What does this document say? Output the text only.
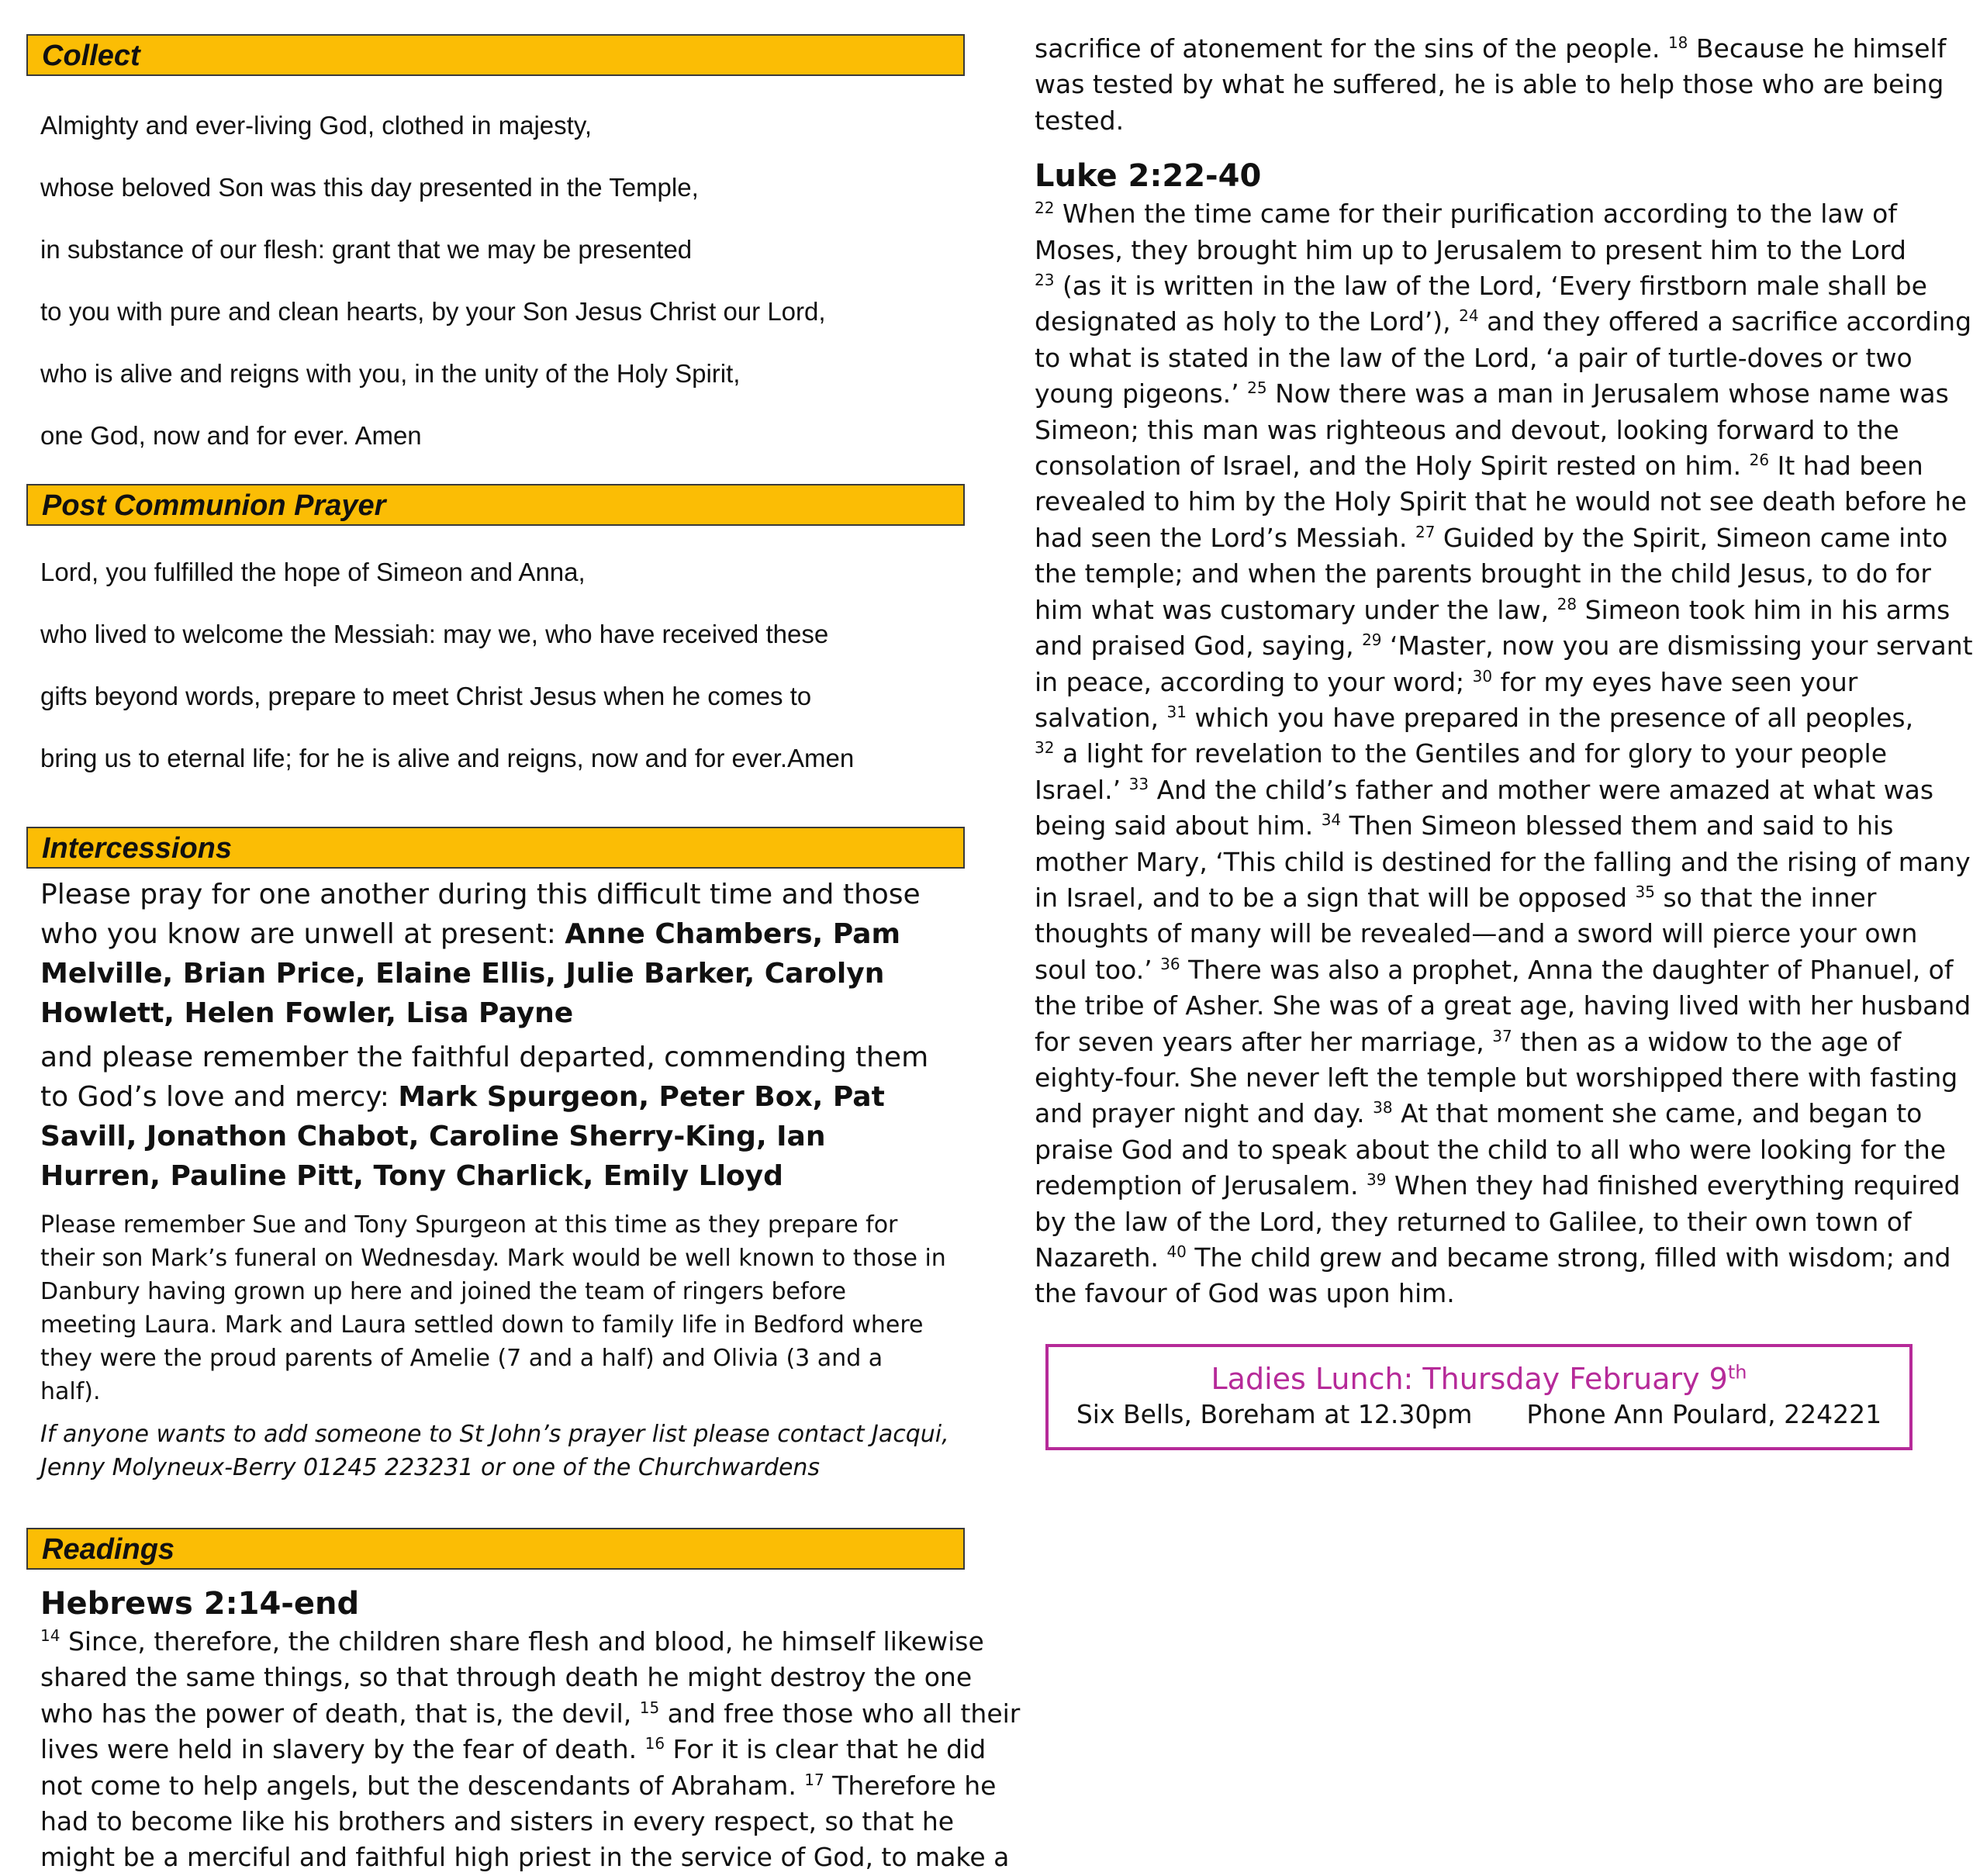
Collect

Almighty and ever-living God, clothed in majesty,

whose beloved Son was this day presented in the Temple,

in substance of our flesh: grant that we may be presented

to you with pure and clean hearts, by your Son Jesus Christ our Lord,

who is alive and reigns with you, in the unity of the Holy Spirit,

one God, now and for ever. Amen

Post Communion Prayer

Lord, you fulfilled the hope of Simeon and Anna,

who lived to welcome the Messiah: may we, who have received these

gifts beyond words, prepare to meet Christ Jesus when he comes to

bring us to eternal life; for he is alive and reigns, now and for ever.Amen

Intercessions
Please pray for one another during this difficult time and those who you know are unwell at present: Anne Chambers, Pam Melville, Brian Price, Elaine Ellis, Julie Barker, Carolyn Howlett, Helen Fowler, Lisa Payne
and please remember the faithful departed, commending them to God’s love and mercy: Mark Spurgeon, Peter Box, Pat Savill, Jonathon Chabot, Caroline Sherry-King, Ian Hurren, Pauline Pitt, Tony Charlick, Emily Lloyd
Please remember Sue and Tony Spurgeon at this time as they prepare for their son Mark’s funeral on Wednesday. Mark would be well known to those in Danbury having grown up here and joined the team of ringers before meeting Laura. Mark and Laura settled down to family life in Bedford where they were the proud parents of Amelie (7 and a half) and Olivia (3 and a half).
If anyone wants to add someone to St John’s prayer list please contact Jacqui, Jenny Molyneux-Berry 01245 223231 or one of the Churchwardens
Readings
Hebrews 2:14-end
$^{14}$ Since, therefore, the children share flesh and blood, he himself likewise
shared the same things, so that through death he might destroy the one
who has the power of death, that is, the devil, $^{15}$ and free those who all their
lives were held in slavery by the fear of death. $^{16}$ For it is clear that he did
not come to help angels, but the descendants of Abraham. $^{17}$ Therefore he
had to become like his brothers and sisters in every respect, so that he
might be a merciful and faithful high priest in the service of God, to make a
sacrifice of atonement for the sins of the people. $^{18}$ Because he himself
was tested by what he suffered, he is able to help those who are being
tested.
Luke 2:22-40
$^{22}$ When the time came for their purification according to the law of
Moses, they brought him up to Jerusalem to present him to the Lord
$^{23}$ (as it is written in the law of the Lord, ‘Every firstborn male shall be
designated as holy to the Lord’), $^{24}$ and they offered a sacrifice according
to what is stated in the law of the Lord, ‘a pair of turtle-doves or two
young pigeons.’ $^{25}$ Now there was a man in Jerusalem whose name was
Simeon; this man was righteous and devout, looking forward to the
consolation of Israel, and the Holy Spirit rested on him. $^{26}$ It had been
revealed to him by the Holy Spirit that he would not see death before he
had seen the Lord’s Messiah. $^{27}$ Guided by the Spirit, Simeon came into
the temple; and when the parents brought in the child Jesus, to do for
him what was customary under the law, $^{28}$ Simeon took him in his arms
and praised God, saying, $^{29}$ ‘Master, now you are dismissing your servant
in peace, according to your word; $^{30}$ for my eyes have seen your
salvation, $^{31}$ which you have prepared in the presence of all peoples,
$^{32}$ a light for revelation to the Gentiles and for glory to your people
Israel.’ $^{33}$ And the child’s father and mother were amazed at what was
being said about him. $^{34}$ Then Simeon blessed them and said to his
mother Mary, ‘This child is destined for the falling and the rising of many
in Israel, and to be a sign that will be opposed $^{35}$ so that the inner
thoughts of many will be revealed—and a sword will pierce your own
soul too.’ $^{36}$ There was also a prophet, Anna the daughter of Phanuel, of
the tribe of Asher. She was of a great age, having lived with her husband
for seven years after her marriage, $^{37}$ then as a widow to the age of
eighty-four. She never left the temple but worshipped there with fasting
and prayer night and day. $^{38}$ At that moment she came, and began to
praise God and to speak about the child to all who were looking for the
redemption of Jerusalem. $^{39}$ When they had finished everything required
by the law of the Lord, they returned to Galilee, to their own town of
Nazareth. $^{40}$ The child grew and became strong, filled with wisdom; and
the favour of God was upon him.
Ladies Lunch: Thursday February 9th
Six Bells, Boreham at 12.30pm Phone Ann Poulard, 224221
